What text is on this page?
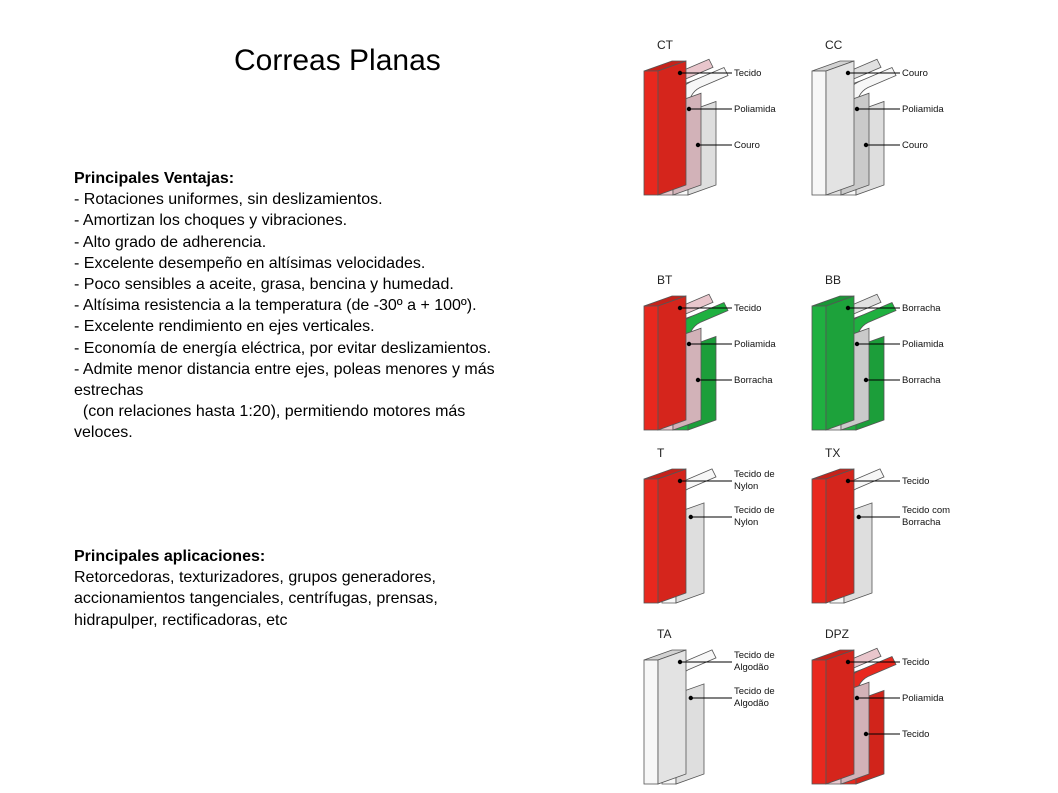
Correas Planas
Principales Ventajas:
- Rotaciones uniformes, sin deslizamientos.
- Amortizan los choques y vibraciones.
- Alto grado de adherencia.
- Excelente desempeño en altísimas velocidades.
- Poco sensibles a aceite, grasa, bencina y humedad.
- Altísima resistencia a la temperatura (de -30º a + 100º).
- Excelente rendimiento en ejes verticales.
- Economía de energía eléctrica, por evitar deslizamientos.
- Admite menor distancia entre ejes, poleas menores y más estrechas
(con relaciones hasta 1:20), permitiendo motores más veloces.
Principales aplicaciones:
Retorcedoras, texturizadores, grupos generadores, accionamientos tangenciales, centrífugas, prensas, hidrapulper, rectificadoras, etc
CT
Tecido
Poliamida
Couro
CC
Couro
Poliamida
Couro
BT
Tecido
Poliamida
Borracha
BB
Borracha
Poliamida
Borracha
T
Tecido de Nylon
Tecido de Nylon
TX
Tecido
Tecido com Borracha
TA
Tecido de Algodão
Tecido de Algodão
DPZ
Tecido
Poliamida
Tecido
